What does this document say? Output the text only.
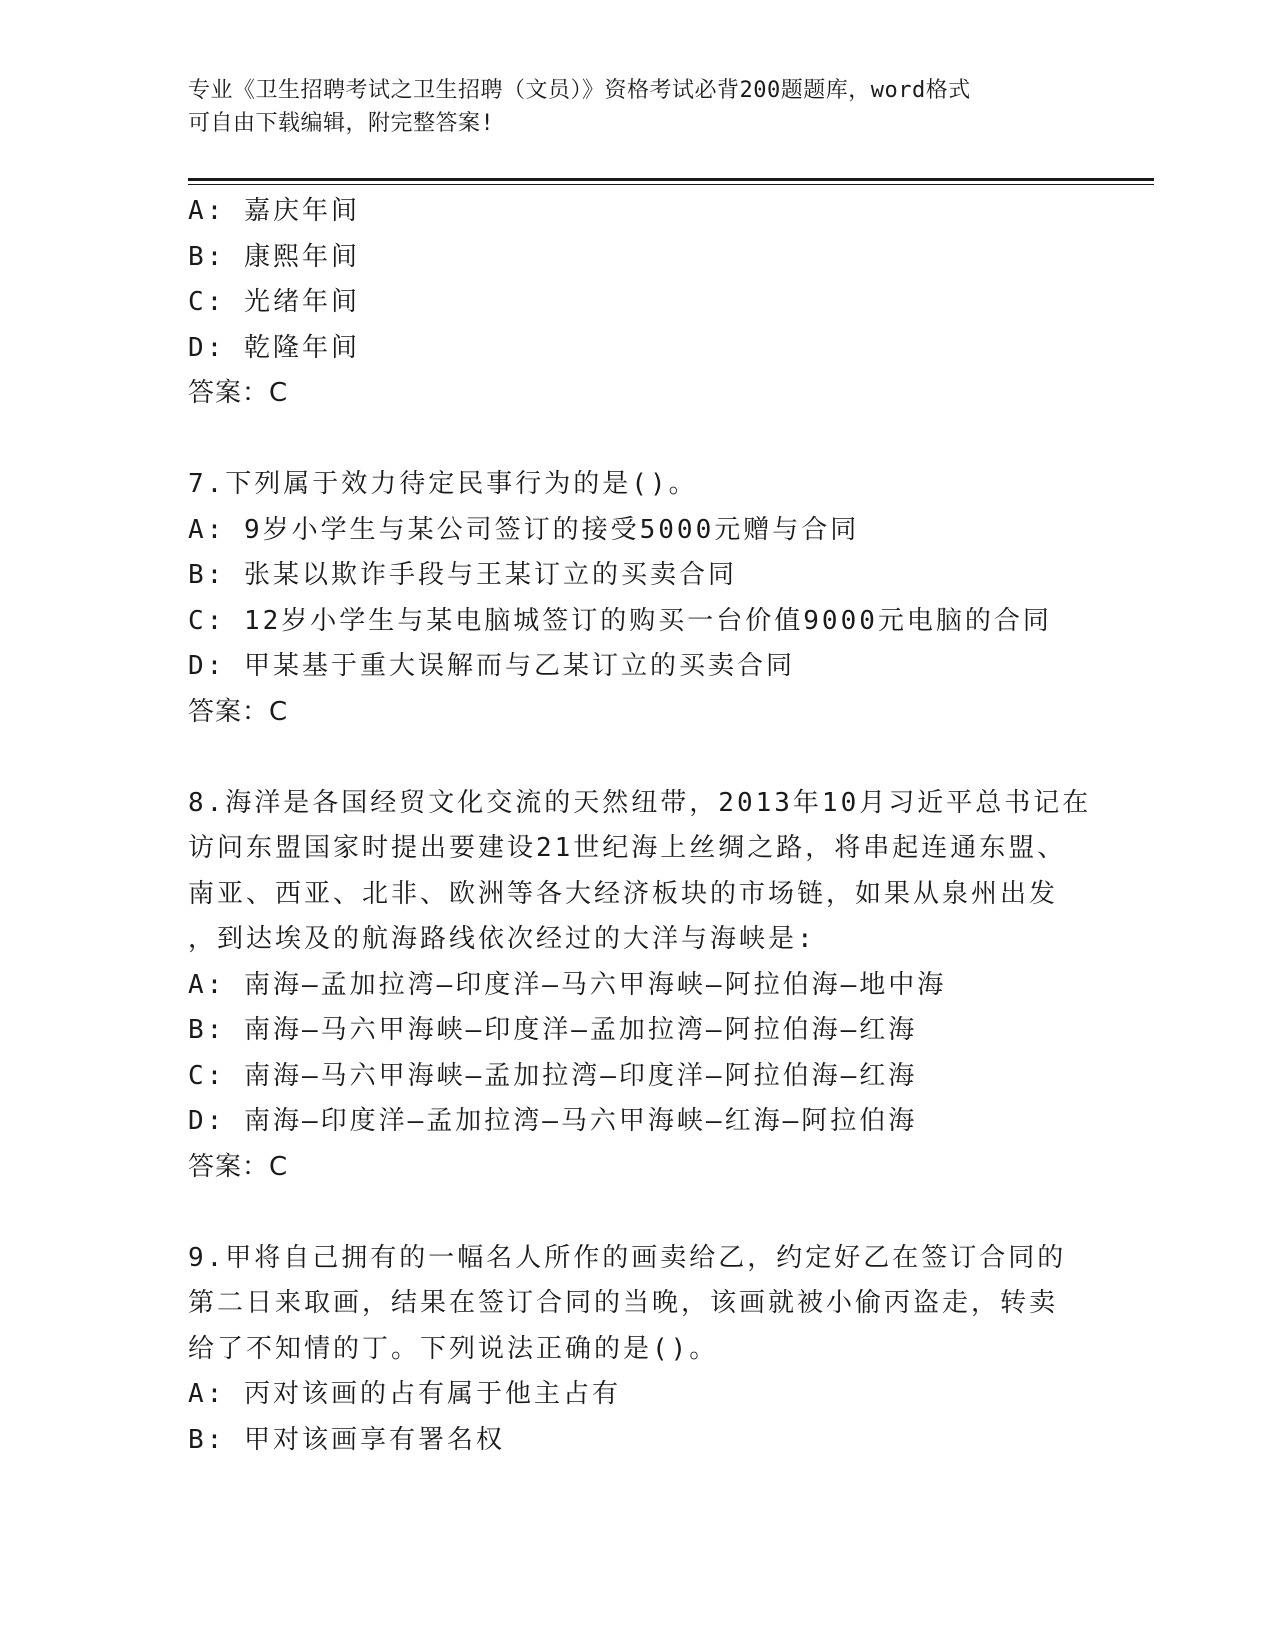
专业《卫生招聘考试之卫生招聘（文员）》资格考试必背200题题库，word格式
可自由下载编辑，附完整答案!
A: 嘉庆年间
B: 康熙年间
C: 光绪年间
D: 乾隆年间
答案：C
7.下列属于效力待定民事行为的是()。
A: 9岁小学生与某公司签订的接受5000元赠与合同
B: 张某以欺诈手段与王某订立的买卖合同
C: 12岁小学生与某电脑城签订的购买一台价值9000元电脑的合同
D: 甲某基于重大误解而与乙某订立的买卖合同
答案：C
8.海洋是各国经贸文化交流的天然纽带，2013年10月习近平总书记在
访问东盟国家时提出要建设21世纪海上丝绸之路，将串起连通东盟、
南亚、西亚、北非、欧洲等各大经济板块的市场链，如果从泉州出发
，到达埃及的航海路线依次经过的大洋与海峡是:
A: 南海—孟加拉湾—印度洋—马六甲海峡—阿拉伯海—地中海
B: 南海—马六甲海峡—印度洋—孟加拉湾—阿拉伯海—红海
C: 南海—马六甲海峡—孟加拉湾—印度洋—阿拉伯海—红海
D: 南海—印度洋—孟加拉湾—马六甲海峡—红海—阿拉伯海
答案：C
9.甲将自己拥有的一幅名人所作的画卖给乙，约定好乙在签订合同的
第二日来取画，结果在签订合同的当晚，该画就被小偷丙盗走，转卖
给了不知情的丁。下列说法正确的是()。
A: 丙对该画的占有属于他主占有
B: 甲对该画享有署名权
